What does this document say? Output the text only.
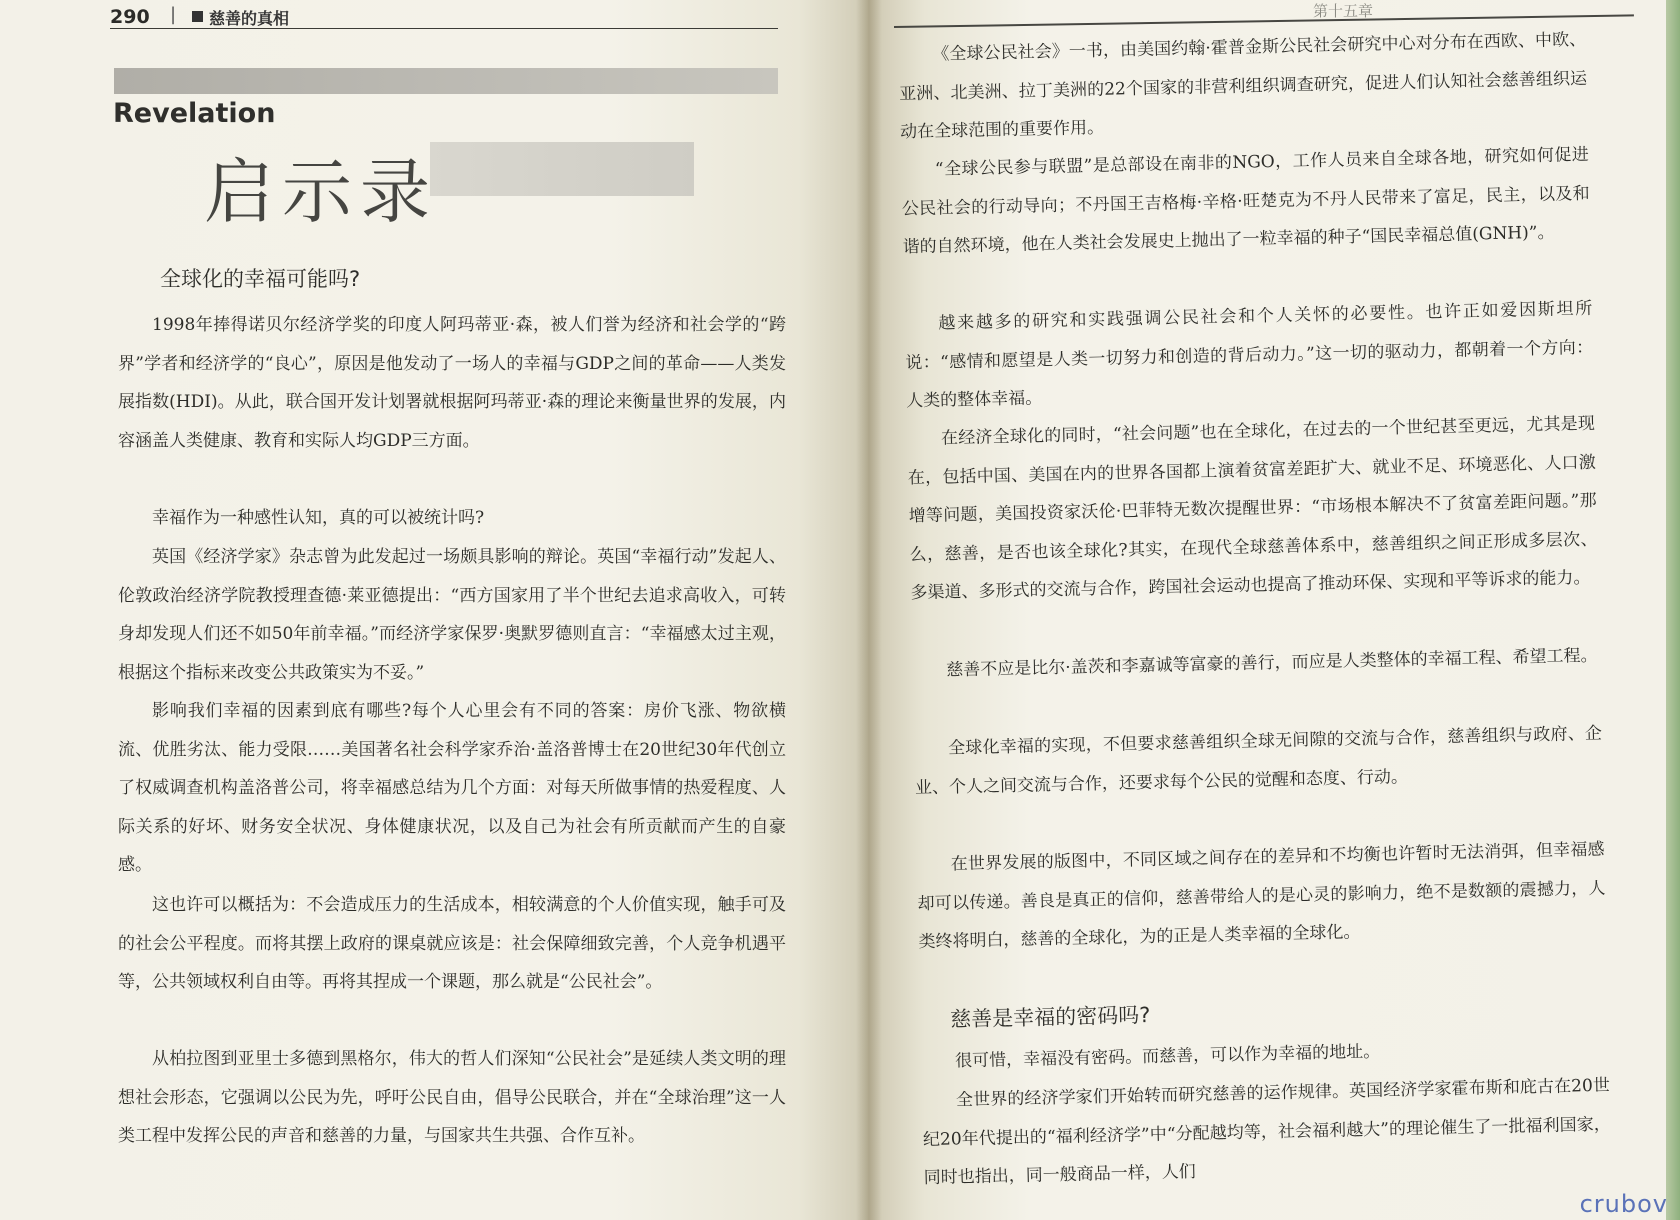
290 | 慈善的真相
Revelation
启示录
全球化的幸福可能吗?

1998年捧得诺贝尔经济学奖的印度人阿玛蒂亚·森，被人们誉为经济和社会学的“跨界”学者和经济学的“良心”，原因是他发动了一场人的幸福与GDP之间的革命——人类发展指数(HDI)。从此，联合国开发计划署就根据阿玛蒂亚·森的理论来衡量世界的发展，内容涵盖人类健康、教育和实际人均GDP三方面。

幸福作为一种感性认知，真的可以被统计吗?

英国《经济学家》杂志曾为此发起过一场颇具影响的辩论。英国“幸福行动”发起人、伦敦政治经济学院教授理查德·莱亚德提出：“西方国家用了半个世纪去追求高收入，可转身却发现人们还不如50年前幸福。”而经济学家保罗·奥默罗德则直言：“幸福感太过主观，根据这个指标来改变公共政策实为不妥。”

影响我们幸福的因素到底有哪些?每个人心里会有不同的答案：房价飞涨、物欲横流、优胜劣汰、能力受限……美国著名社会科学家乔治·盖洛普博士在20世纪30年代创立了权威调查机构盖洛普公司，将幸福感总结为几个方面：对每天所做事情的热爱程度、人际关系的好坏、财务安全状况、身体健康状况，以及自己为社会有所贡献而产生的自豪感。

这也许可以概括为：不会造成压力的生活成本，相较满意的个人价值实现，触手可及的社会公平程度。而将其摆上政府的课桌就应该是：社会保障细致完善，个人竞争机遇平等，公共领域权利自由等。再将其捏成一个课题，那么就是“公民社会”。

从柏拉图到亚里士多德到黑格尔，伟大的哲人们深知“公民社会”是延续人类文明的理想社会形态，它强调以公民为先，呼吁公民自由，倡导公民联合，并在“全球治理”这一人类工程中发挥公民的声音和慈善的力量，与国家共生共强、合作互补。

第十五章

《全球公民社会》一书，由美国约翰·霍普金斯公民社会研究中心对分布在西欧、中欧、亚洲、北美洲、拉丁美洲的22个国家的非营利组织调查研究，促进人们认知社会慈善组织运动在全球范围的重要作用。

“全球公民参与联盟”是总部设在南非的NGO，工作人员来自全球各地，研究如何促进公民社会的行动导向；不丹国王吉格梅·辛格·旺楚克为不丹人民带来了富足，民主，以及和谐的自然环境，他在人类社会发展史上抛出了一粒幸福的种子“国民幸福总值(GNH)”。

越来越多的研究和实践强调公民社会和个人关怀的必要性。也许正如爱因斯坦所说：“感情和愿望是人类一切努力和创造的背后动力。”这一切的驱动力，都朝着一个方向：人类的整体幸福。

在经济全球化的同时，“社会问题”也在全球化，在过去的一个世纪甚至更远，尤其是现在，包括中国、美国在内的世界各国都上演着贫富差距扩大、就业不足、环境恶化、人口激增等问题，美国投资家沃伦·巴菲特无数次提醒世界：“市场根本解决不了贫富差距问题。”那么，慈善，是否也该全球化?其实，在现代全球慈善体系中，慈善组织之间正形成多层次、多渠道、多形式的交流与合作，跨国社会运动也提高了推动环保、实现和平等诉求的能力。

慈善不应是比尔·盖茨和李嘉诚等富豪的善行，而应是人类整体的幸福工程、希望工程。

全球化幸福的实现，不但要求慈善组织全球无间隙的交流与合作，慈善组织与政府、企业、个人之间交流与合作，还要求每个公民的觉醒和态度、行动。

在世界发展的版图中，不同区域之间存在的差异和不均衡也许暂时无法消弭，但幸福感却可以传递。善良是真正的信仰，慈善带给人的是心灵的影响力，绝不是数额的震撼力，人类终将明白，慈善的全球化，为的正是人类幸福的全球化。

慈善是幸福的密码吗?

很可惜，幸福没有密码。而慈善，可以作为幸福的地址。

全世界的经济学家们开始转而研究慈善的运作规律。英国经济学家霍布斯和庇古在20世纪20年代提出的“福利经济学”中“分配越均等，社会福利越大”的理论催生了一批福利国家，同时也指出，同一般商品一样，人们

crubov
